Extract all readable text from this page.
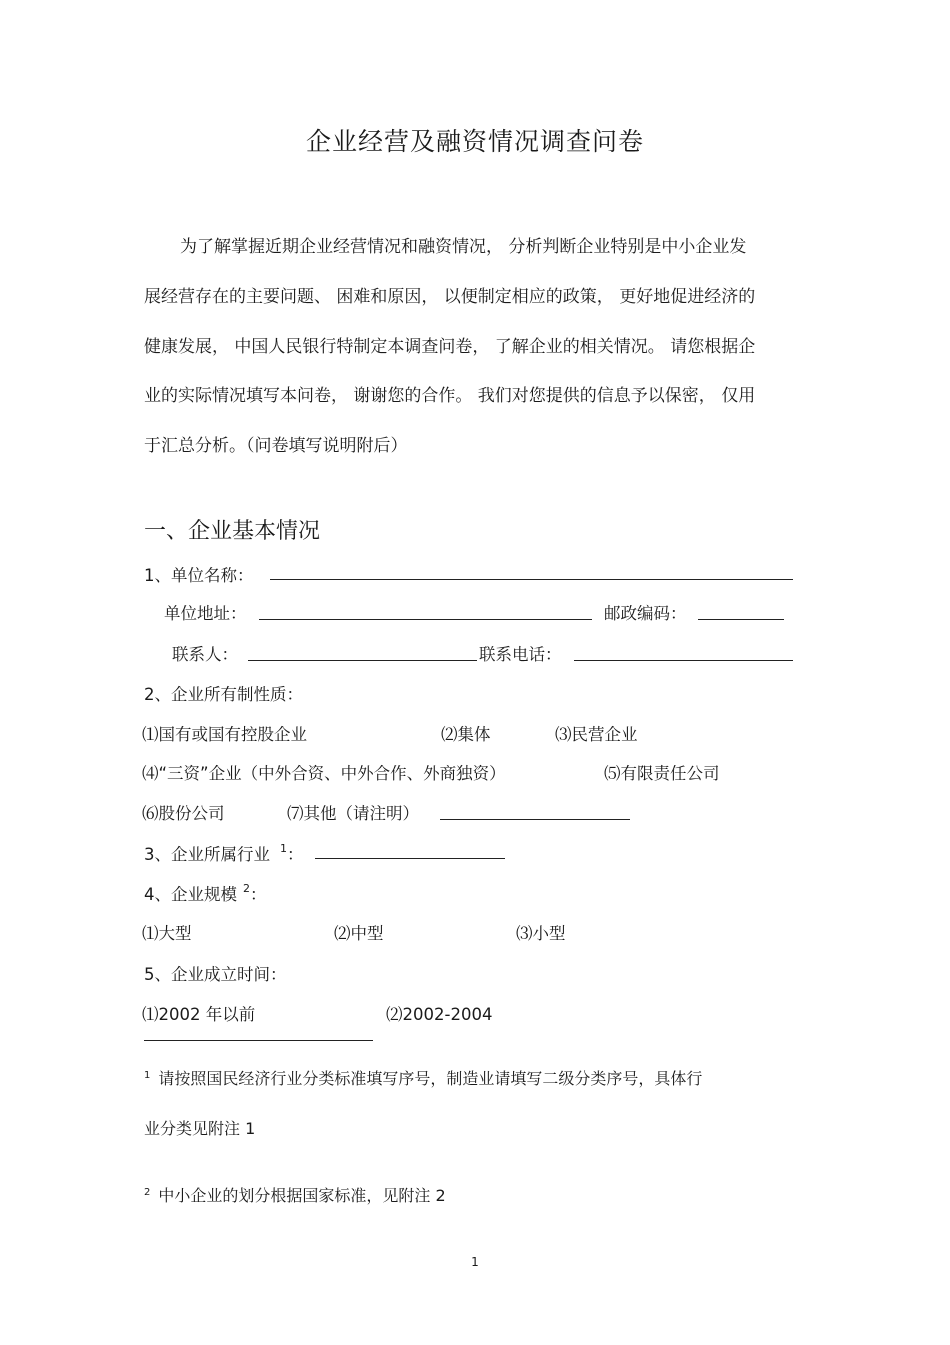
企业经营及融资情况调查问卷
为了解掌握近期企业经营情况和融资情况， 分析判断企业特别是中小企业发
展经营存在的主要问题、 困难和原因， 以便制定相应的政策， 更好地促进经济的
健康发展， 中国人民银行特制定本调查问卷， 了解企业的相关情况。 请您根据企
业的实际情况填写本问卷， 谢谢您的合作。 我们对您提供的信息予以保密， 仅用
于汇总分析。（问卷填写说明附后）
一、企业基本情况
1、单位名称：
单位地址：	邮政编码：
联系人：	联系电话：
2、企业所有制性质：
⑴国有或国有控股企业	⑵集体	⑶民营企业
⑷“三资”企业（中外合资、中外合作、外商独资）	⑸有限责任公司
⑹股份公司	⑺其他（请注明）
3、企业所属行业 $^1$：
4、企业规模 $^2$：
⑴大型	⑵中型	⑶小型
5、企业成立时间：
⑴2002 年以前	⑵2002-2004
$^1$ 请按照国民经济行业分类标准填写序号，制造业请填写二级分类序号，具体行
业分类见附注 1
$^2$ 中小企业的划分根据国家标准，见附注 2
1
